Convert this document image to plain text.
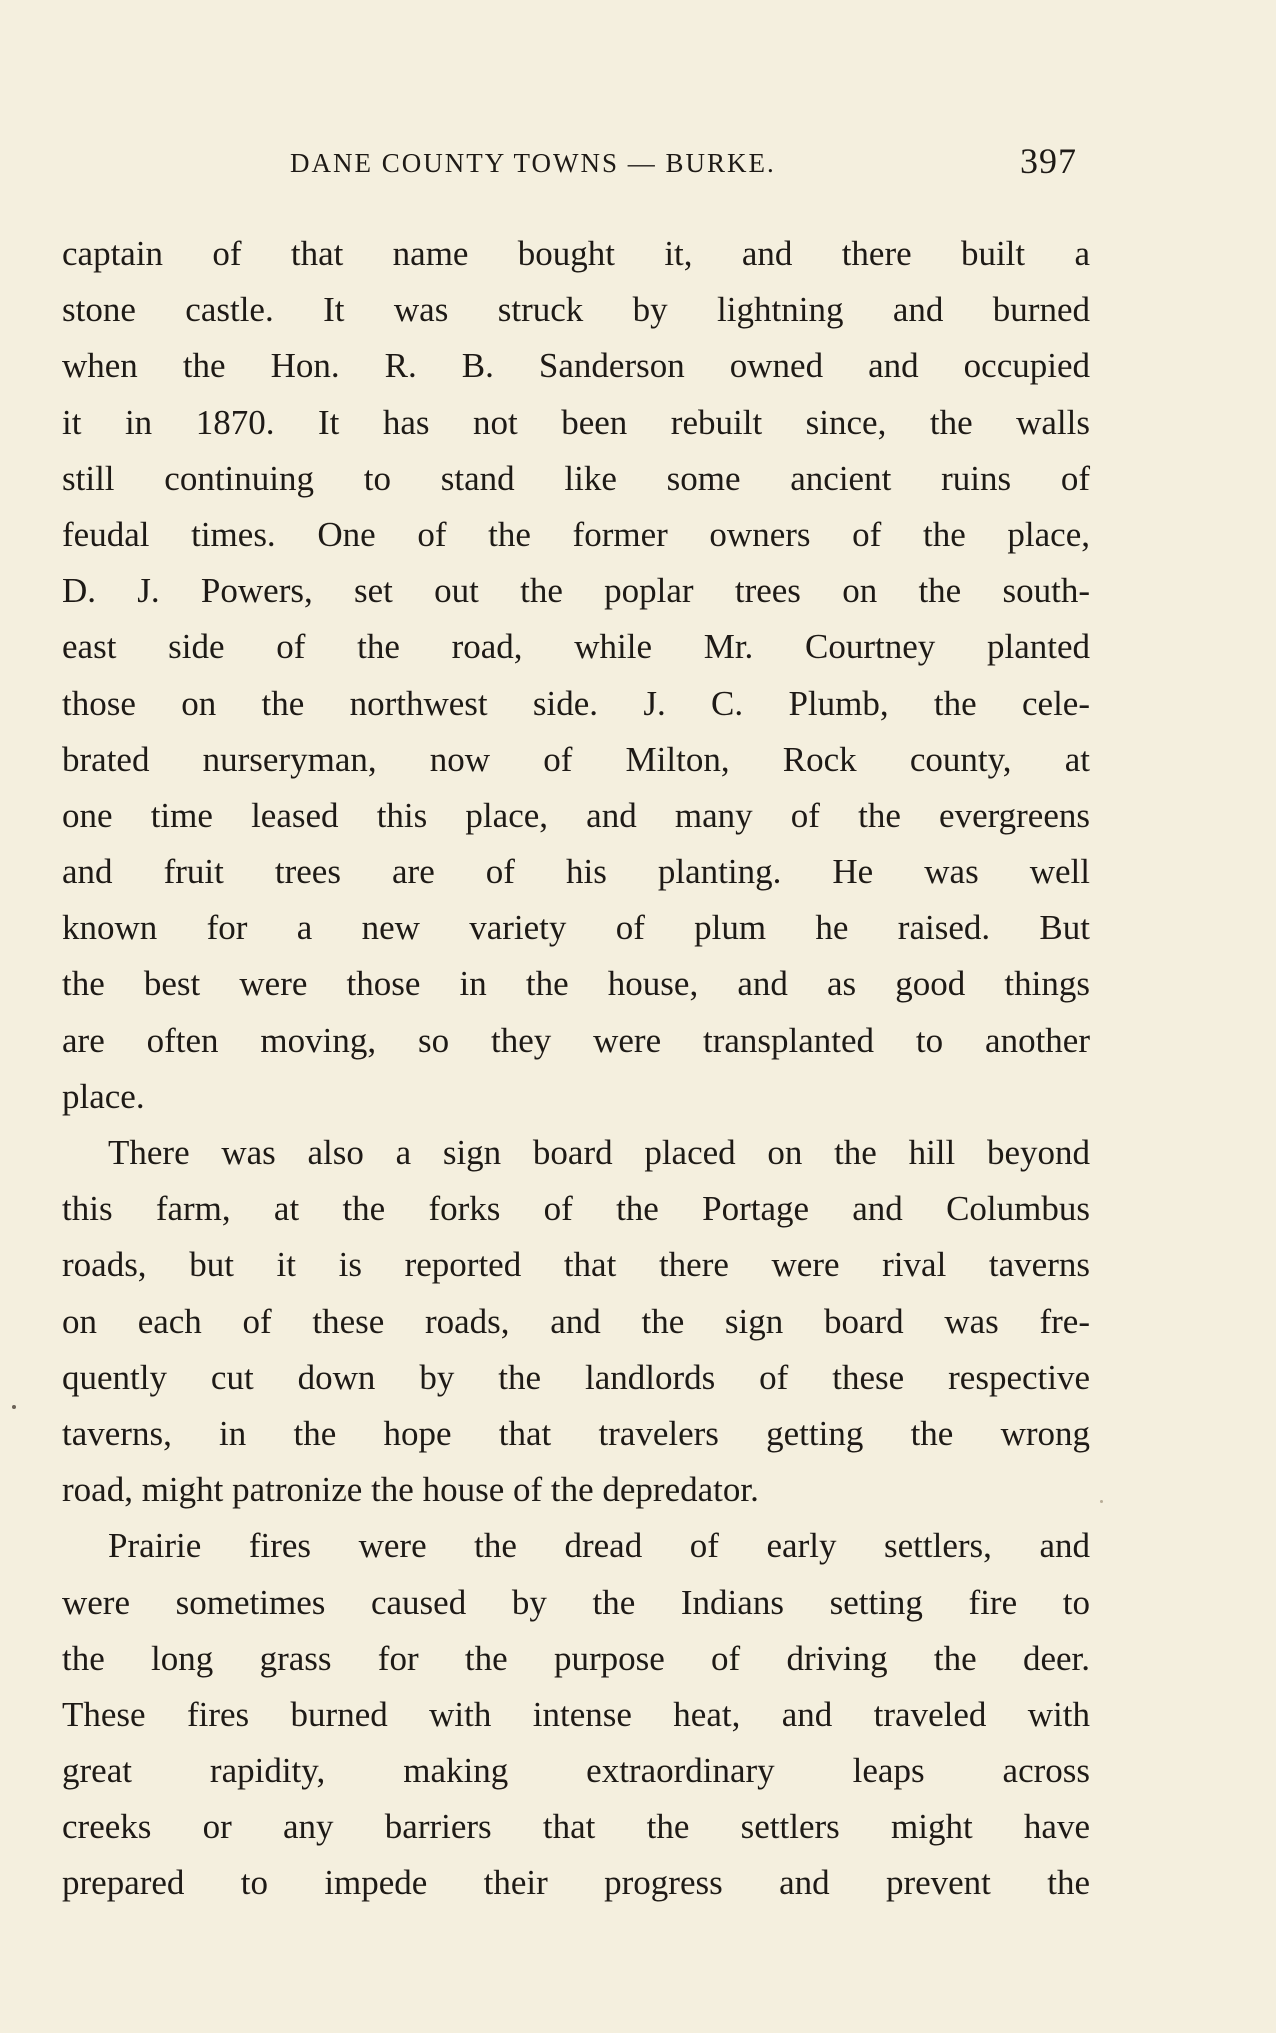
DANE COUNTY TOWNS — BURKE.	397
captain of that name bought it, and there built a
stone castle. It was struck by lightning and burned
when the Hon. R. B. Sanderson owned and occupied
it in 1870. It has not been rebuilt since, the walls
still continuing to stand like some ancient ruins of
feudal times. One of the former owners of the place,
D. J. Powers, set out the poplar trees on the south-
east side of the road, while Mr. Courtney planted
those on the northwest side. J. C. Plumb, the cele-
brated nurseryman, now of Milton, Rock county, at
one time leased this place, and many of the evergreens
and fruit trees are of his planting. He was well
known for a new variety of plum he raised. But
the best were those in the house, and as good things
are often moving, so they were transplanted to another
place.
There was also a sign board placed on the hill beyond
this farm, at the forks of the Portage and Columbus
roads, but it is reported that there were rival taverns
on each of these roads, and the sign board was fre-
quently cut down by the landlords of these respective
taverns, in the hope that travelers getting the wrong
road, might patronize the house of the depredator.
Prairie fires were the dread of early settlers, and
were sometimes caused by the Indians setting fire to
the long grass for the purpose of driving the deer.
These fires burned with intense heat, and traveled with
great rapidity, making extraordinary leaps across
creeks or any barriers that the settlers might have
prepared to impede their progress and prevent the
